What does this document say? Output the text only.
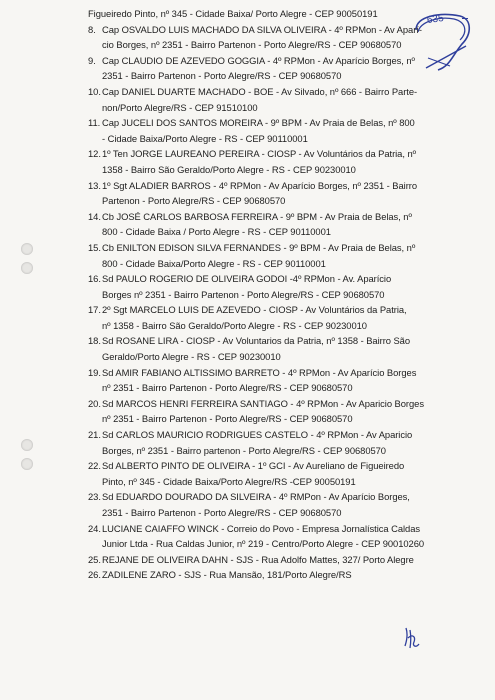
635
Figueiredo Pinto, nº 345 - Cidade Baixa/ Porto Alegre - CEP 90050191
8. Cap OSVALDO LUIS MACHADO DA SILVA OLIVEIRA - 4º RPMon - Av Aparí-
cio Borges, nº 2351 - Bairro Partenon - Porto Alegre/RS - CEP 90680570
9. Cap CLAUDIO DE AZEVEDO GOGGIA - 4º RPMon - Av Aparício Borges, nº
2351 - Bairro Partenon - Porto Alegre/RS - CEP 90680570
10. Cap DANIEL DUARTE MACHADO - BOE - Av Silvado, nº 666 - Bairro Parte-
non/Porto Alegre/RS - CEP 91510100
11. Cap JUCELI DOS SANTOS MOREIRA - 9º BPM - Av Praia de Belas, nº 800
- Cidade Baixa/Porto Alegre - RS - CEP 90110001
12. 1º Ten JORGE LAUREANO PEREIRA - CIOSP - Av Voluntários da Patria, nº
1358 - Bairro São Geraldo/Porto Alegre - RS - CEP 90230010
13. 1º Sgt ALADIER BARROS - 4º RPMon - Av Aparício Borges, nº 2351 - Bairro
Partenon - Porto Alegre/RS - CEP 90680570
14. Cb JOSÉ CARLOS BARBOSA FERREIRA - 9º BPM - Av Praia de Belas, nº
800 - Cidade Baixa / Porto Alegre - RS - CEP 90110001
15. Cb ENILTON EDISON SILVA FERNANDES - 9º BPM - Av Praia de Belas, nº
800 - Cidade Baixa/Porto Alegre - RS - CEP 90110001
16. Sd PAULO ROGERIO DE OLIVEIRA GODOI -4º RPMon - Av. Aparício
Borges nº 2351 - Bairro Partenon - Porto Alegre/RS - CEP 90680570
17. 2º Sgt MARCELO LUIS DE AZEVEDO - CIOSP - Av Voluntários da Patria,
nº 1358 - Bairro São Geraldo/Porto Alegre - RS - CEP 90230010
18. Sd ROSANE LIRA - CIOSP - Av Voluntarios da Patria, nº 1358 - Bairro São
Geraldo/Porto Alegre - RS - CEP 90230010
19. Sd AMIR FABIANO ALTISSIMO BARRETO - 4º RPMon - Av Aparício Borges
nº 2351 - Bairro Partenon - Porto Alegre/RS - CEP 90680570
20. Sd MARCOS HENRI FERREIRA SANTIAGO - 4º RPMon - Av Aparicio Borges
nº 2351 - Bairro Partenon - Porto Alegre/RS - CEP 90680570
21. Sd CARLOS MAURICIO RODRIGUES CASTELO - 4º RPMon - Av Aparicio
Borges, nº 2351 - Bairro partenon - Porto Alegre/RS - CEP 90680570
22. Sd ALBERTO PINTO DE OLIVEIRA - 1º GCI - Av Aureliano de Figueiredo
Pinto, nº 345 - Cidade Baixa/Porto Alegre/RS -CEP 90050191
23. Sd EDUARDO DOURADO DA SILVEIRA - 4º RMPon - Av Aparício Borges,
2351 - Bairro Partenon - Porto Alegre/RS - CEP 90680570
24. LUCIANE CAIAFFO WINCK - Correio do Povo - Empresa Jornalística Caldas
Junior Ltda - Rua Caldas Junior, nº 219 - Centro/Porto Alegre - CEP 90010260
25. REJANE DE OLIVEIRA DAHN - SJS - Rua Adolfo Mattes, 327/ Porto Alegre
26. ZADILENE ZARO - SJS - Rua Mansão, 181/Porto Alegre/RS
